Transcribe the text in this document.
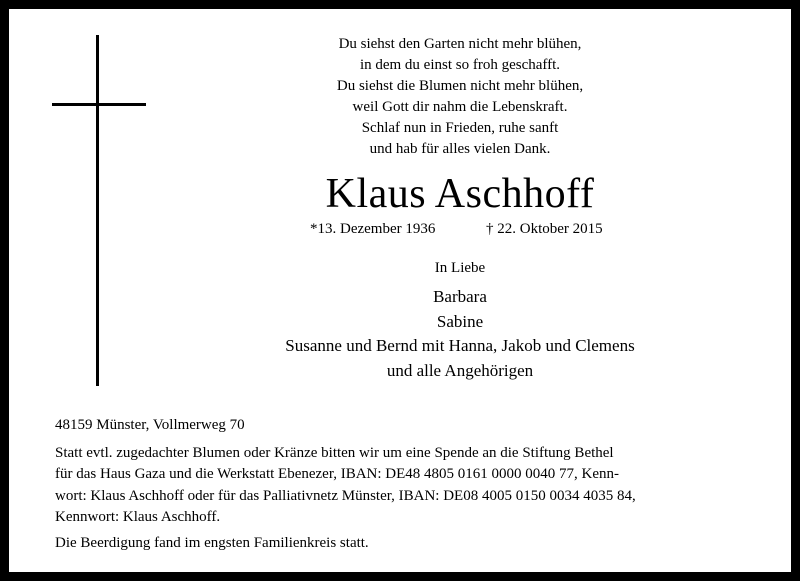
Du siehst den Garten nicht mehr blühen,
in dem du einst so froh geschafft.
Du siehst die Blumen nicht mehr blühen,
weil Gott dir nahm die Lebenskraft.
Schlaf nun in Frieden, ruhe sanft
und hab für alles vielen Dank.
Klaus Aschhoff
*13. Dezember 1936	† 22. Oktober 2015
In Liebe
Barbara
Sabine
Susanne und Bernd mit Hanna, Jakob und Clemens
und alle Angehörigen
48159 Münster, Vollmerweg 70
Statt evtl. zugedachter Blumen oder Kränze bitten wir um eine Spende an die Stiftung Bethel
für das Haus Gaza und die Werkstatt Ebenezer, IBAN: DE48 4805 0161 0000 0040 77, Kenn-
wort: Klaus Aschhoff oder für das Palliativnetz Münster, IBAN: DE08 4005 0150 0034 4035 84,
Kennwort: Klaus Aschhoff.
Die Beerdigung fand im engsten Familienkreis statt.
